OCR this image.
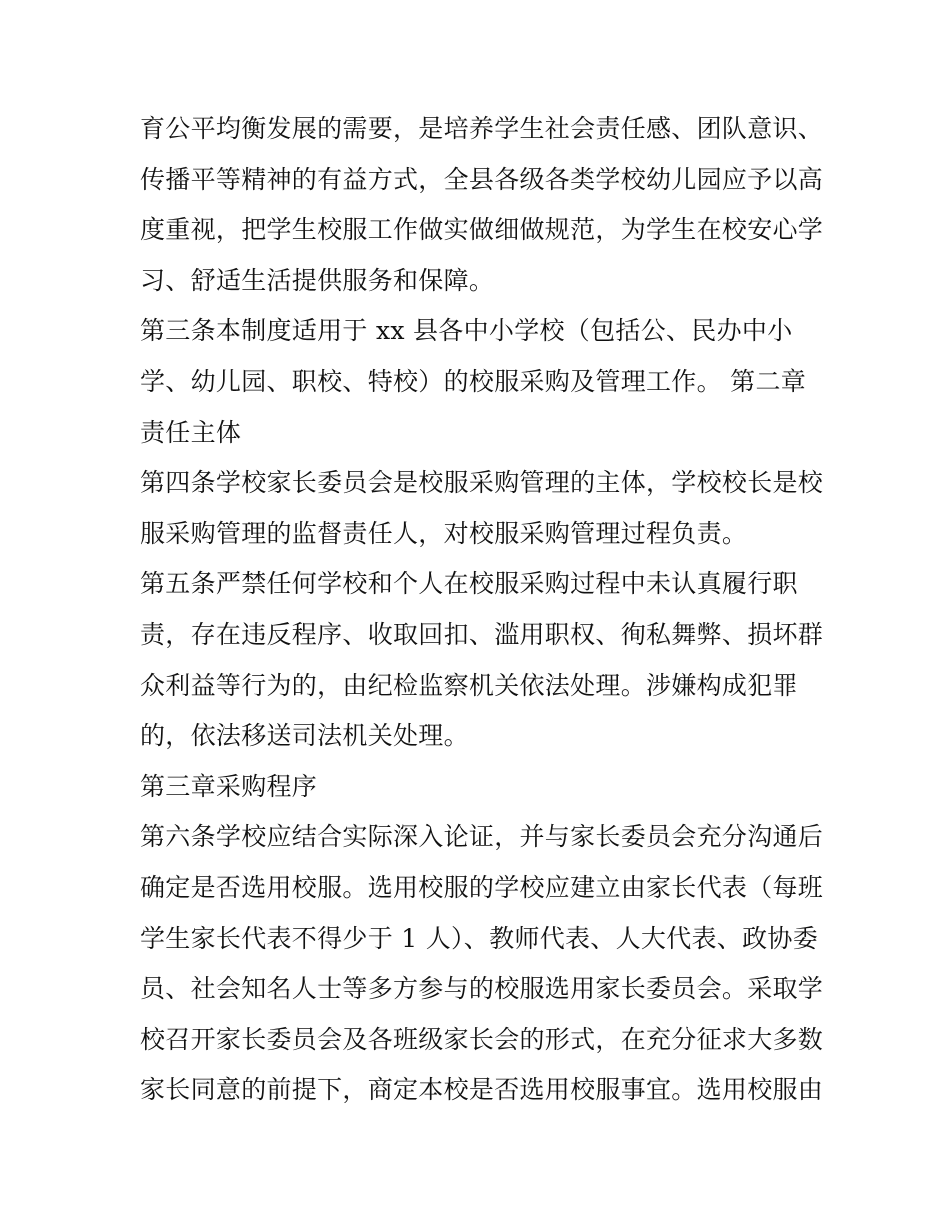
育公平均衡发展的需要，是培养学生社会责任感、团队意识、
传播平等精神的有益方式，全县各级各类学校幼儿园应予以高
度重视，把学生校服工作做实做细做规范，为学生在校安心学
习、舒适生活提供服务和保障。
第三条本制度适用于 xx 县各中小学校（包括公、民办中小
学、幼儿园、职校、特校）的校服采购及管理工作。 第二章
责任主体
第四条学校家长委员会是校服采购管理的主体，学校校长是校
服采购管理的监督责任人，对校服采购管理过程负责。
第五条严禁任何学校和个人在校服采购过程中未认真履行职
责，存在违反程序、收取回扣、滥用职权、徇私舞弊、损坏群
众利益等行为的，由纪检监察机关依法处理。涉嫌构成犯罪
的，依法移送司法机关处理。
第三章采购程序
第六条学校应结合实际深入论证，并与家长委员会充分沟通后
确定是否选用校服。选用校服的学校应建立由家长代表（每班
学生家长代表不得少于 1 人）、教师代表、人大代表、政协委
员、社会知名人士等多方参与的校服选用家长委员会。采取学
校召开家长委员会及各班级家长会的形式，在充分征求大多数
家长同意的前提下，商定本校是否选用校服事宜。选用校服由
